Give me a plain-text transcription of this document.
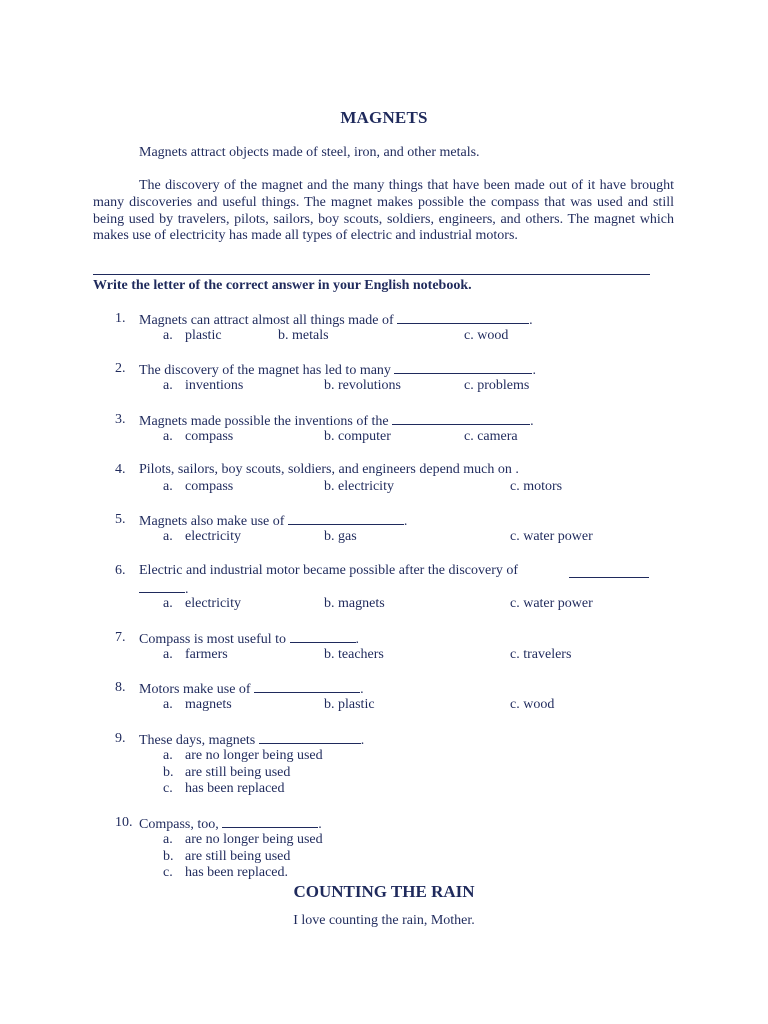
MAGNETS

Magnets attract objects made of steel, iron, and other metals.

The discovery of the magnet and the many things that have been made out of it have brought many discoveries and useful things. The magnet makes possible the compass that was used and still being used by travelers, pilots, sailors, boy scouts, soldiers, engineers, and others. The magnet which makes use of electricity has made all types of electric and industrial motors.

Write the letter of the correct answer in your English notebook.
1. Magnets can attract almost all things made of	.
a. plastic	b. metals	c. wood
2. The discovery of the magnet has led to many	.
a. inventions	b. revolutions	c. problems
3. Magnets made possible the inventions of the	.
a. compass	b. computer	c. camera
4. Pilots, sailors, boy scouts, soldiers, and engineers depend much on .
a. compass	b. electricity	c. motors
5. Magnets also make use of	.
a. electricity	b. gas	c. water power
6. Electric and industrial motor became possible after the discovery of
.
a. electricity	b. magnets	c. water power
7. Compass is most useful to	.
a. farmers	b. teachers	c. travelers
8. Motors make use of	.
a. magnets	b. plastic	c. wood
9. These days, magnets	.
a. are no longer being used
b. are still being used
c. has been replaced
10. Compass, too,	.
a. are no longer being used
b. are still being used
c. has been replaced.
COUNTING THE RAIN
I love counting the rain, Mother.
